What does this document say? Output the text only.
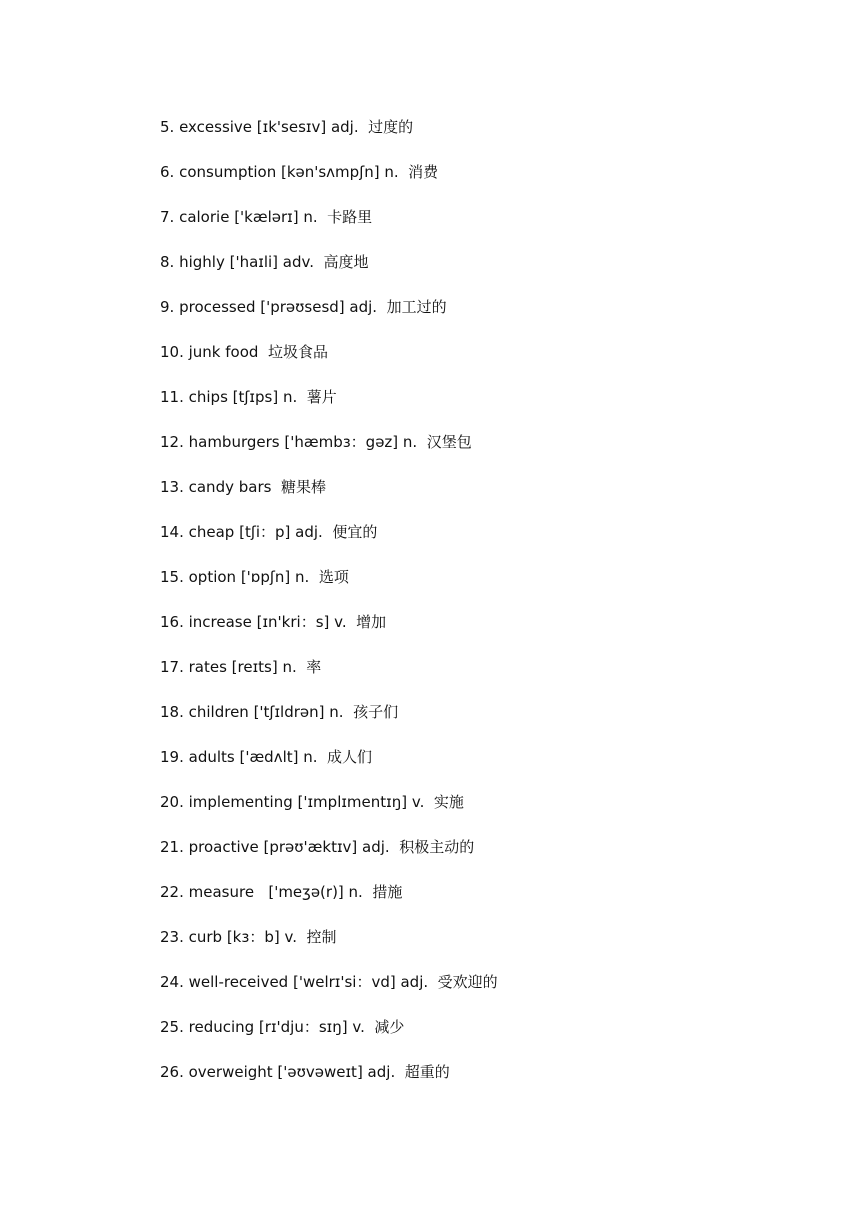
5. excessive [ɪk'sesɪv] adj.  过度的
6. consumption [kən'sʌmpʃn] n.  消费
7. calorie ['kælərɪ] n.  卡路里
8. highly ['haɪli] adv.  高度地
9. processed ['prəʊsesd] adj.  加工过的
10. junk food  垃圾食品
11. chips [tʃɪps] n.  薯片
12. hamburgers ['hæmbɜ：gəz] n.  汉堡包
13. candy bars  糖果棒
14. cheap [tʃi：p] adj.  便宜的
15. option ['ɒpʃn] n.  选项
16. increase [ɪn'kri：s] v.  增加
17. rates [reɪts] n.  率
18. children ['tʃɪldrən] n.  孩子们
19. adults ['ædʌlt] n.  成人们
20. implementing ['ɪmplɪmentɪŋ] v.  实施
21. proactive [prəʊ'æktɪv] adj.  积极主动的
22. measure   ['meʒə(r)] n.  措施
23. curb [kɜ：b] v.  控制
24. well-received ['welrɪ'si：vd] adj.  受欢迎的
25. reducing [rɪ'dju：sɪŋ] v.  减少
26. overweight ['əʊvəweɪt] adj.  超重的
